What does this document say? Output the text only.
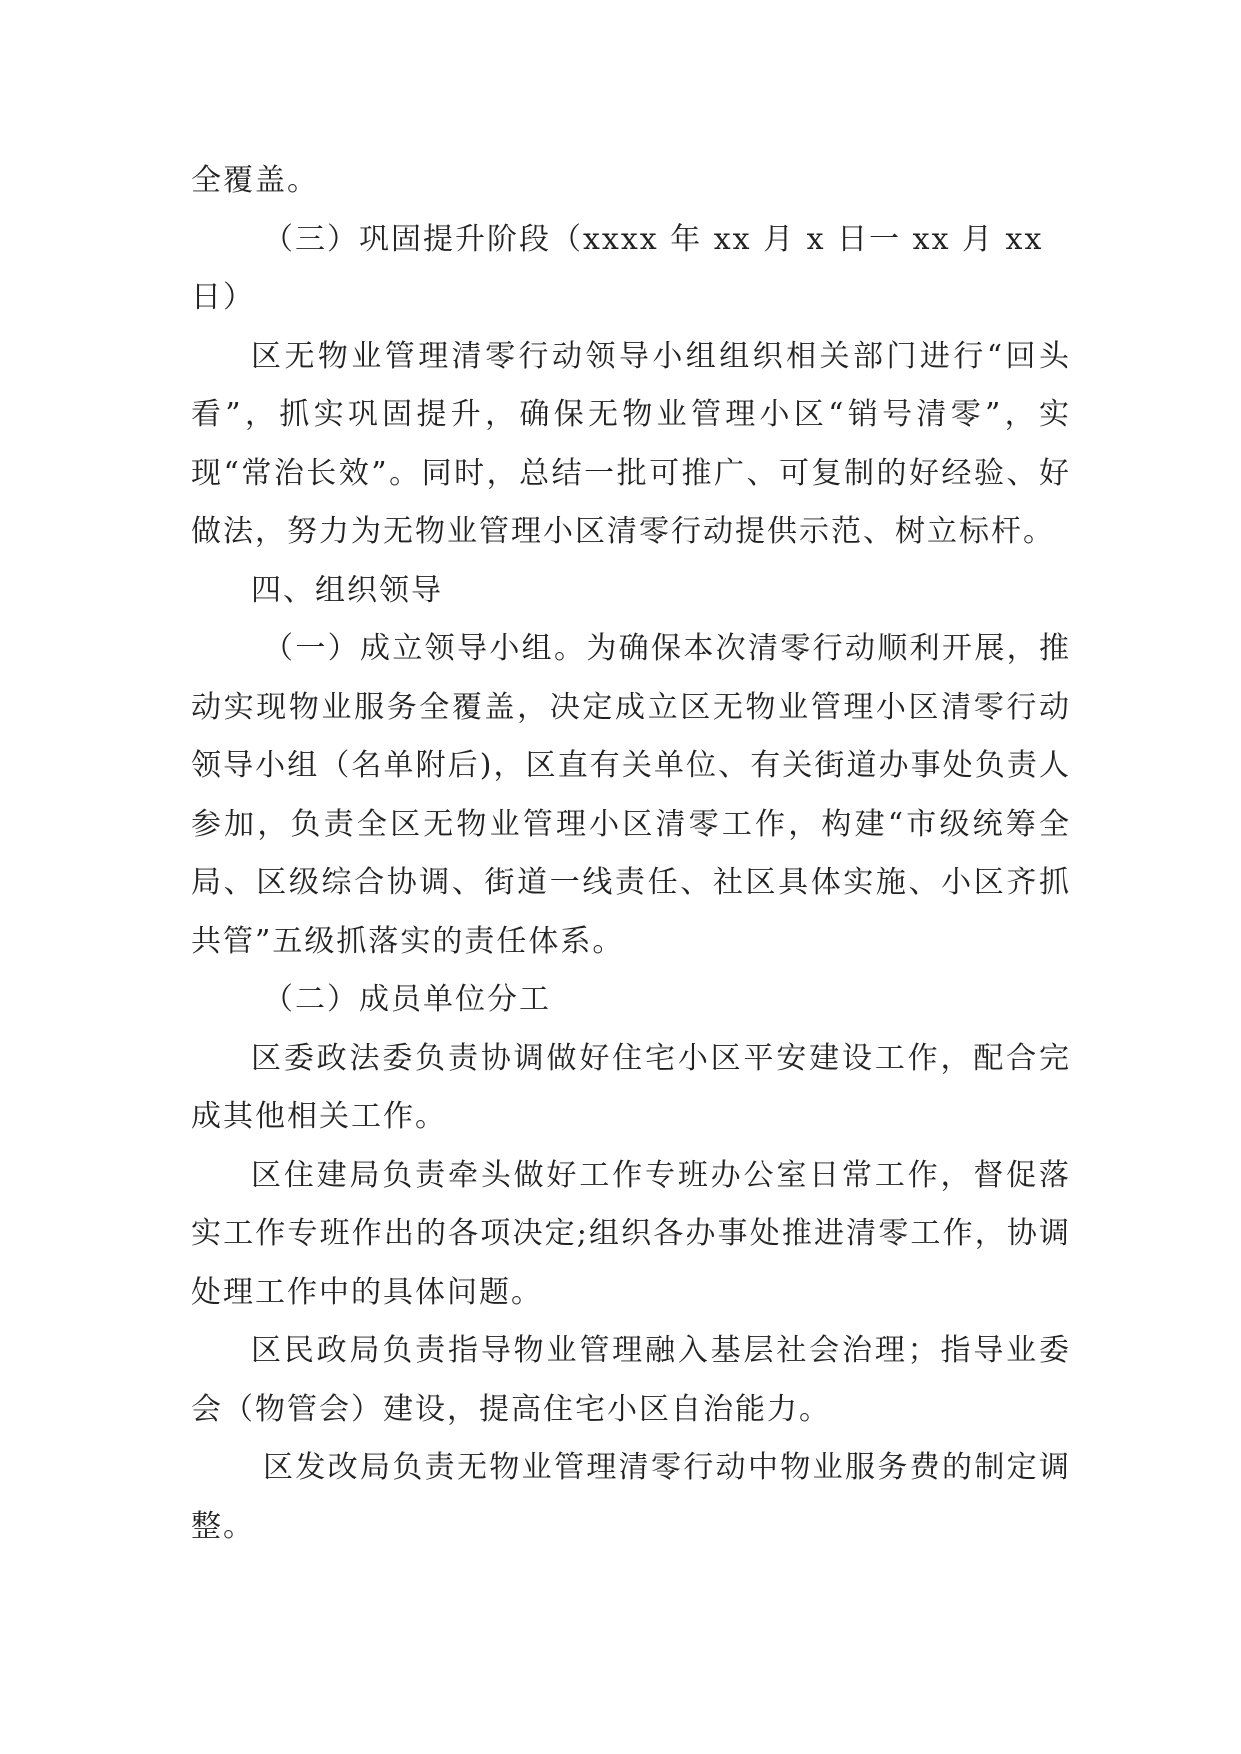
全覆盖。

（三）巩固提升阶段（xxxx 年 xx 月 x 日一 xx 月 xx 日）

区无物业管理清零行动领导小组组织相关部门进行“回头看”，抓实巩固提升，确保无物业管理小区“销号清零”，实现“常治长效”。同时，总结一批可推广、可复制的好经验、好做法，努力为无物业管理小区清零行动提供示范、树立标杆。

四、组织领导

（一）成立领导小组。为确保本次清零行动顺利开展，推动实现物业服务全覆盖，决定成立区无物业管理小区清零行动领导小组（名单附后)，区直有关单位、有关街道办事处负责人参加，负责全区无物业管理小区清零工作，构建“市级统筹全局、区级综合协调、街道一线责任、社区具体实施、小区齐抓共管”五级抓落实的责任体系。

（二）成员单位分工

区委政法委负责协调做好住宅小区平安建设工作，配合完成其他相关工作。

区住建局负责牵头做好工作专班办公室日常工作，督促落实工作专班作出的各项决定;组织各办事处推进清零工作，协调处理工作中的具体问题。

区民政局负责指导物业管理融入基层社会治理；指导业委会（物管会）建设，提高住宅小区自治能力。

区发改局负责无物业管理清零行动中物业服务费的制定调整。
